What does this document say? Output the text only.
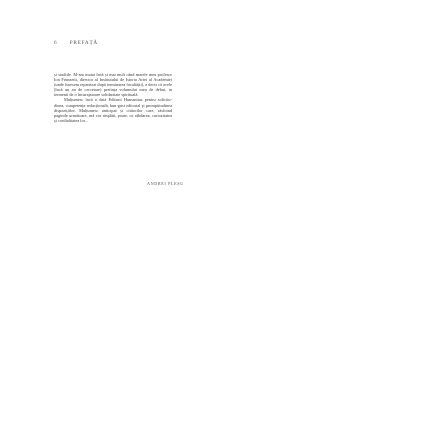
6 PREFAȚĂ

și studiile. M-am mutat încă și mai mult când marele meu profesor Ion Frunzetti, director al Institutului de Istoria Artei al Academiei (unde fusesem repartizat după terminarea facultății), a decis că acele (încă un an de cercetare) pretința volumului meu de debut, in termenii de o încurajatoare solidaritate spirituală.

Mulțumesc încă o dată Editurii Humanitas pentru solicitudinea, competența redacțională, bun-gust editorial și promptitudinea dispozițiilor. Mulțumesc anticipat și cititorilor care, răsfoind paginile următoare, mă vor răsplăti, poate, cu răbdarea, curiozitatea și cordialitatea lor...

ANDREI PLEȘU
